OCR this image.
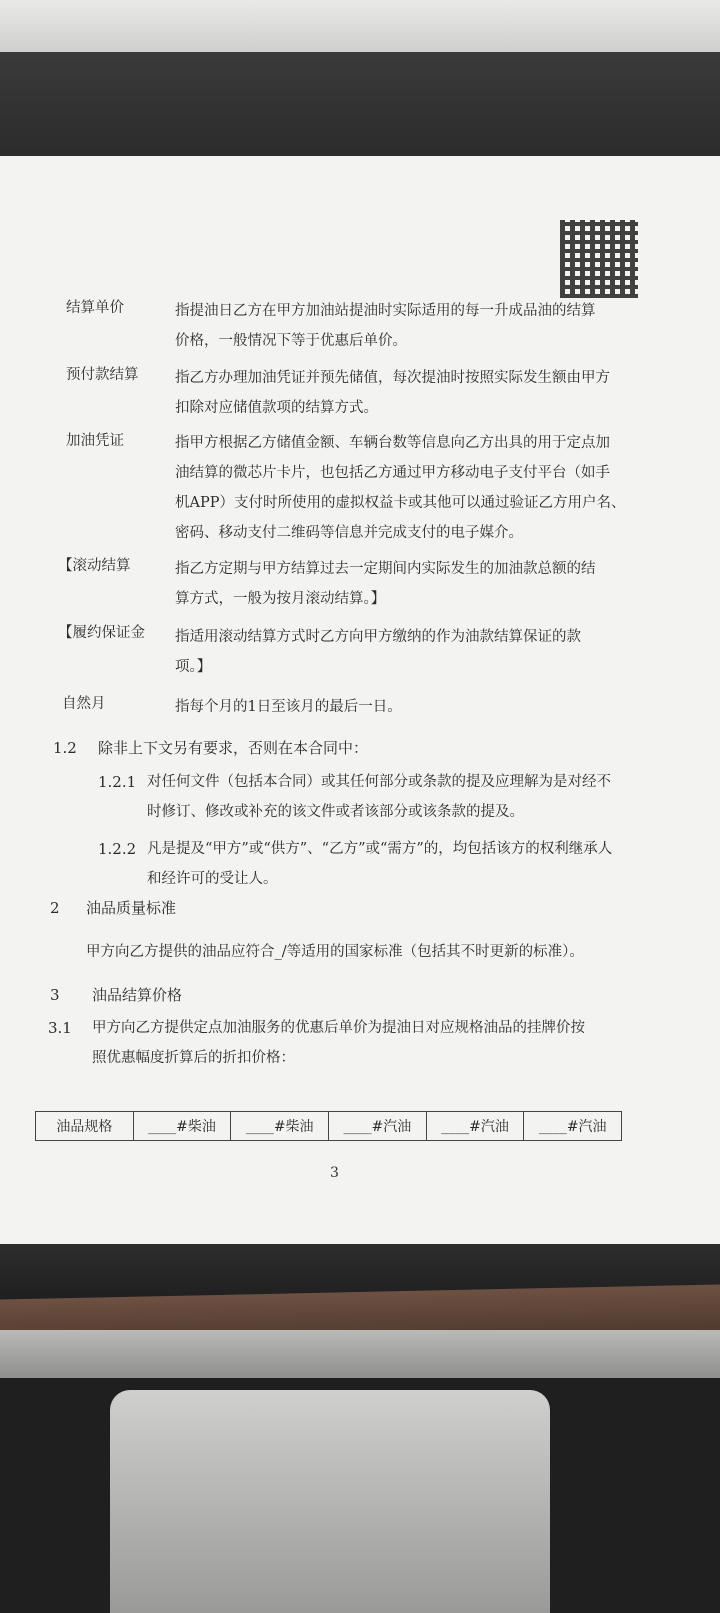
结算单价	指提油日乙方在甲方加油站提油时实际适用的每一升成品油的结算
价格，一般情况下等于优惠后单价。
预付款结算	指乙方办理加油凭证并预先储值，每次提油时按照实际发生额由甲方
扣除对应储值款项的结算方式。
加油凭证	指甲方根据乙方储值金额、车辆台数等信息向乙方出具的用于定点加
油结算的微芯片卡片，也包括乙方通过甲方移动电子支付平台（如手
机APP）支付时所使用的虚拟权益卡或其他可以通过验证乙方用户名、
密码、移动支付二维码等信息并完成支付的电子媒介。
【滚动结算	指乙方定期与甲方结算过去一定期间内实际发生的加油款总额的结
算方式，一般为按月滚动结算。】
【履约保证金 指适用滚动结算方式时乙方向甲方缴纳的作为油款结算保证的款
项。】
自然月	指每个月的1日至该月的最后一日。
1.2 除非上下文另有要求，否则在本合同中：
1.2.1 对任何文件（包括本合同）或其任何部分或条款的提及应理解为是对经不
时修订、修改或补充的该文件或者该部分或该条款的提及。
1.2.2 凡是提及“甲方”或“供方”、“乙方”或“需方”的，均包括该方的权利继承人
和经许可的受让人。
2 油品质量标准
甲方向乙方提供的油品应符合_/等适用的国家标准（包括其不时更新的标准）。
3 油品结算价格
3.1 甲方向乙方提供定点加油服务的优惠后单价为提油日对应规格油品的挂牌价按
照优惠幅度折算后的折扣价格：
油品规格	____#柴油	____#柴油	____#汽油	____#汽油	____#汽油
3
